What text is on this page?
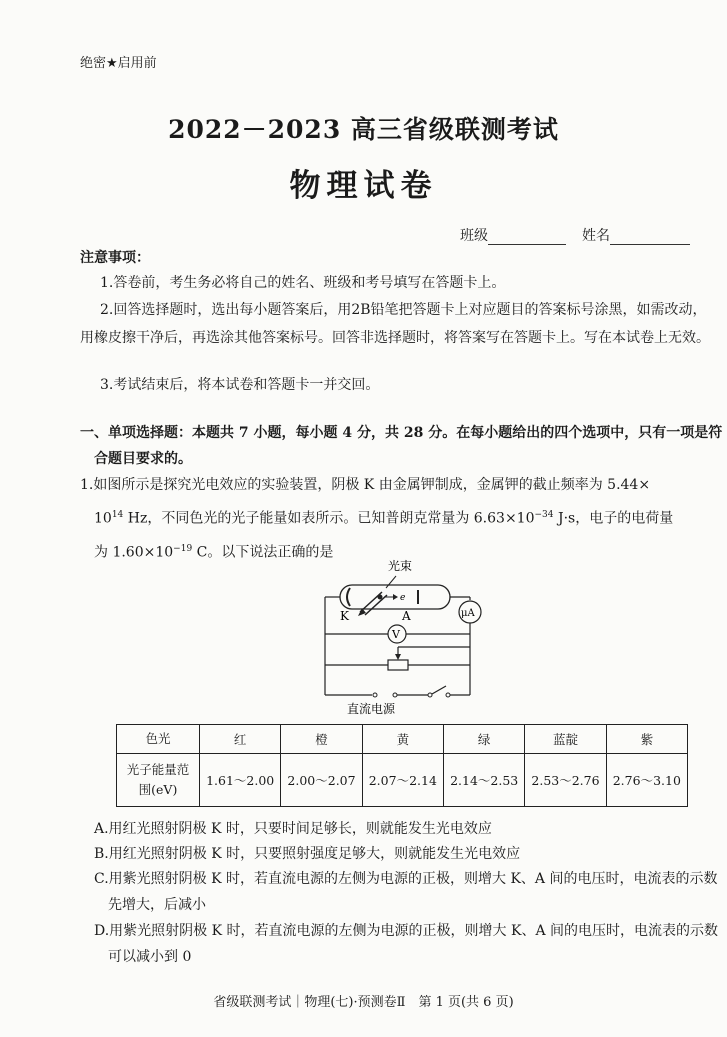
绝密★启用前
2022－2023 高三省级联测考试
物理试卷
班级	姓名
注意事项：
1.答卷前，考生务必将自己的姓名、班级和考号填写在答题卡上。
2.回答选择题时，选出每小题答案后，用2B铅笔把答题卡上对应题目的答案标号涂黑，如需改动，用橡皮擦干净后，再选涂其他答案标号。回答非选择题时，将答案写在答题卡上。写在本试卷上无效。
3.考试结束后，将本试卷和答题卡一并交回。
一、单项选择题：本题共 7 小题，每小题 4 分，共 28 分。在每小题给出的四个选项中，只有一项是符合题目要求的。
1.如图所示是探究光电效应的实验装置，阴极 K 由金属钾制成，金属钾的截止频率为 5.44×
$10^{14}$ Hz，不同色光的光子能量如表所示。已知普朗克常量为 $6.63\times 10^{-34}$ J·s，电子的电荷量
为 $1.60\times 10^{-19}$ C。以下说法正确的是
光束
e
K	A	μA
V
直流电源
色光	红	橙	黄	绿	蓝靛	紫
光子能量范
围(eV)	1.61～2.00	2.00～2.07	2.07～2.14	2.14～2.53	2.53～2.76	2.76～3.10
A.用红光照射阴极 K 时，只要时间足够长，则就能发生光电效应
B.用红光照射阴极 K 时，只要照射强度足够大，则就能发生光电效应
C.用紫光照射阴极 K 时，若直流电源的左侧为电源的正极，则增大 K、A 间的电压时，电流表的示数先增大，后减小
D.用紫光照射阴极 K 时，若直流电源的左侧为电源的正极，则增大 K、A 间的电压时，电流表的示数可以减小到 0
省级联测考试｜物理(七)·预测卷Ⅱ　第 1 页(共 6 页)
